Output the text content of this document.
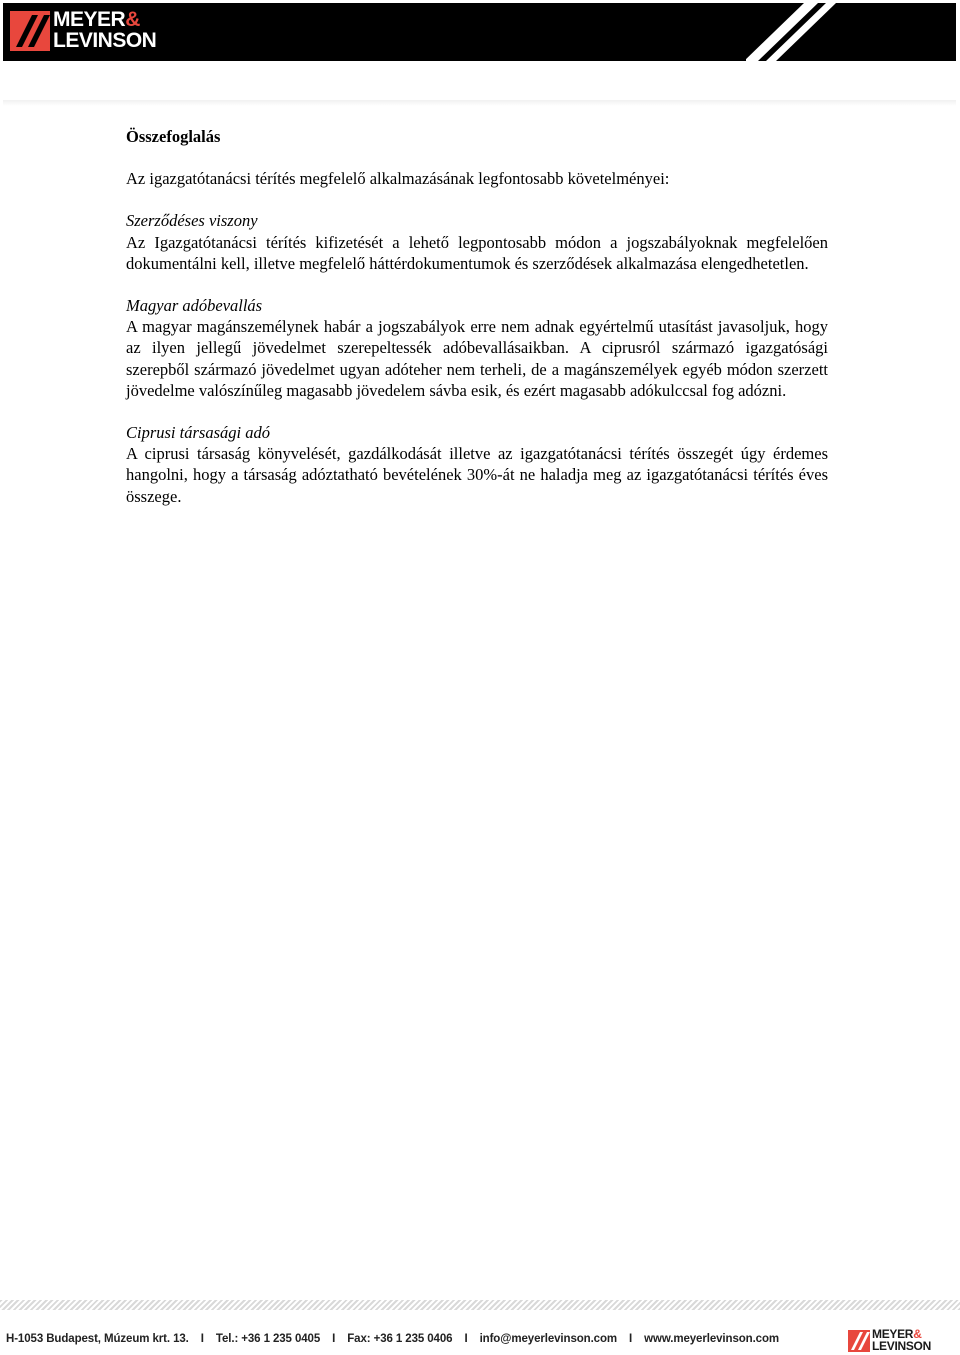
MEYER&
LEVINSON
Összefoglalás
Az igazgatótanácsi térítés megfelelő alkalmazásának legfontosabb követelményei:
Szerződéses viszony
Az Igazgatótanácsi térítés kifizetését a lehető legpontosabb módon a jogszabályoknak megfelelően dokumentálni kell, illetve megfelelő háttérdokumentumok és szerződések alkalmazása elengedhetetlen.
Magyar adóbevallás
A magyar magánszemélynek habár a jogszabályok erre nem adnak egyértelmű utasítást javasoljuk, hogy az ilyen jellegű jövedelmet szerepeltessék adóbevallásaikban. A ciprusról származó igazgatósági szerepből származó jövedelmet ugyan adóteher nem terheli, de a magánszemélyek egyéb módon szerzett jövedelme valószínűleg magasabb jövedelem sávba esik, és ezért magasabb adókulccsal fog adózni.
Ciprusi társasági adó
A ciprusi társaság könyvelését, gazdálkodását illetve az igazgatótanácsi térítés összegét úgy érdemes hangolni, hogy a társaság adóztatható bevételének 30%-át ne haladja meg az igazgatótanácsi térítés éves összege.
H-1053 Budapest, Múzeum krt. 13. I Tel.: +36 1 235 0405 I Fax: +36 1 235 0406 I info@meyerlevinson.com I www.meyerlevinson.com	MEYER&
LEVINSON
